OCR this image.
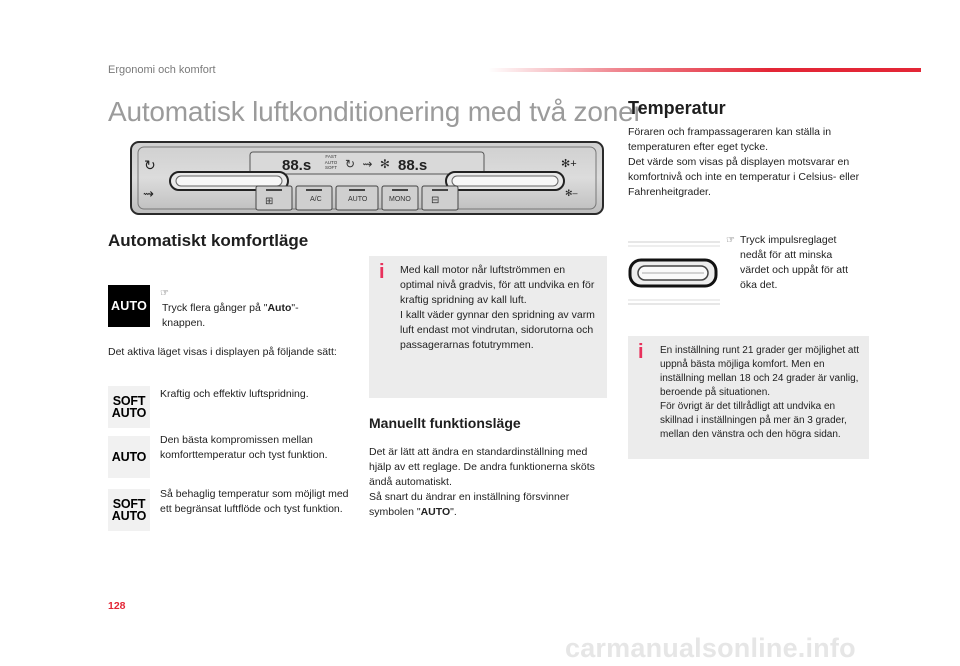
Ergonomi och komfort
Automatisk luftkonditionering med två zoner
88.s	88.s
FAST
AUTO
SOFT ↻ ⇝ ✻
↻
⇝
✻+
✻–
⊞	A/C	AUTO	MONO ⊟
Automatiskt komfortläge
AUTO
☞ Tryck flera gånger på "Auto"-knappen.
Det aktiva läget visas i displayen på följande sätt:
SOFT
AUTO
Kraftig och effektiv luftspridning.
AUTO
Den bästa kompromissen mellan komforttemperatur och tyst funktion.
SOFT
AUTO
Så behaglig temperatur som möjligt med ett begränsat luftflöde och tyst funktion.
i Med kall motor når luftströmmen en optimal nivå gradvis, för att undvika en för kraftig spridning av kall luft.
I kallt väder gynnar den spridning av varm luft endast mot vindrutan, sidorutorna och passagerarnas fotutrymmen.
Manuellt funktionsläge
Det är lätt att ändra en standardinställning med hjälp av ett reglage. De andra funktionerna sköts ändå automatiskt.
Så snart du ändrar en inställning försvinner symbolen "AUTO".
Temperatur
Föraren och frampassageraren kan ställa in temperaturen efter eget tycke.
Det värde som visas på displayen motsvarar en komfortnivå och inte en temperatur i Celsius- eller Fahrenheitgrader.
☞ Tryck impulsreglaget nedåt för att minska värdet och uppåt för att öka det.
i En inställning runt 21 grader ger möjlighet att uppnå bästa möjliga komfort. Men en inställning mellan 18 och 24 grader är vanlig, beroende på situationen.
För övrigt är det tillrådligt att undvika en skillnad i inställningen på mer än 3 grader, mellan den vänstra och den högra sidan.
128
carmanualsonline.info
